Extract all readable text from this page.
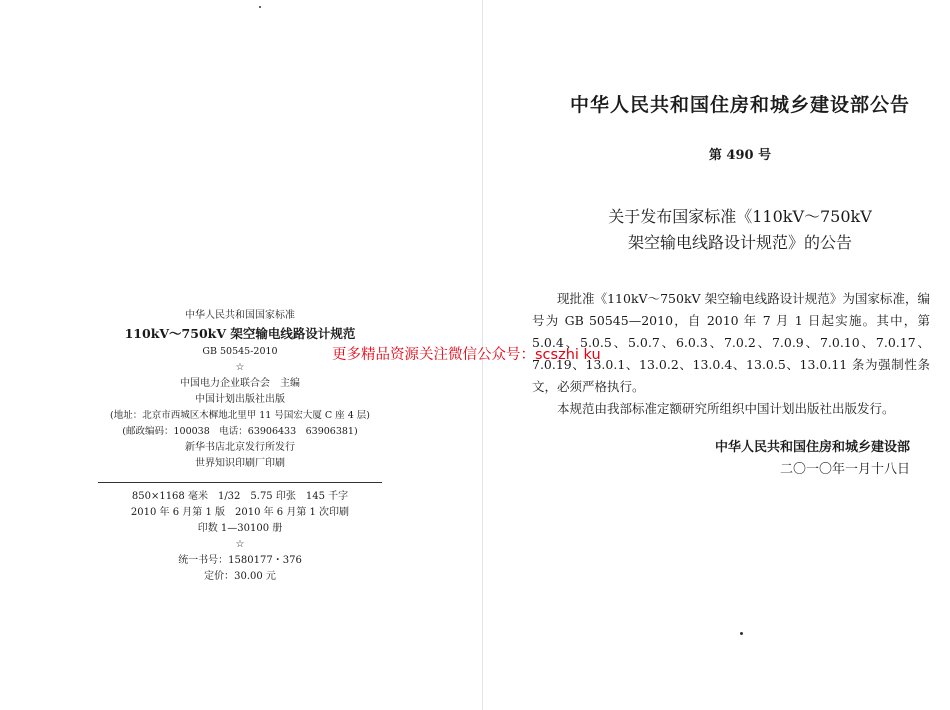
中华人民共和国国家标准
110kV～750kV 架空输电线路设计规范
GB 50545-2010
☆
中国电力企业联合会　主编
中国计划出版社出版
(地址：北京市西城区木樨地北里甲 11 号国宏大厦 C 座 4 层)
(邮政编码：100038　电话：63906433　63906381)
新华书店北京发行所发行
世界知识印刷厂印刷
850×1168 毫米　1/32　5.75 印张　145 千字
2010 年 6 月第 1 版　2010 年 6 月第 1 次印刷
印数 1—30100 册
☆
统一书号：1580177・376
定价：30.00 元
中华人民共和国住房和城乡建设部公告
第 490 号
关于发布国家标准《110kV～750kV
架空输电线路设计规范》的公告

现批准《110kV～750kV 架空输电线路设计规范》为国家标准，编号为 GB 50545—2010，自 2010 年 7 月 1 日起实施。其中，第 5.0.4、5.0.5、5.0.7、6.0.3、7.0.2、7.0.9、7.0.10、7.0.17、7.0.19、13.0.1、13.0.2、13.0.4、13.0.5、13.0.11 条为强制性条文，必须严格执行。

本规范由我部标准定额研究所组织中国计划出版社出版发行。

中华人民共和国住房和城乡建设部
二〇一〇年一月十八日
更多精品资源关注微信公众号：scszhi ku
